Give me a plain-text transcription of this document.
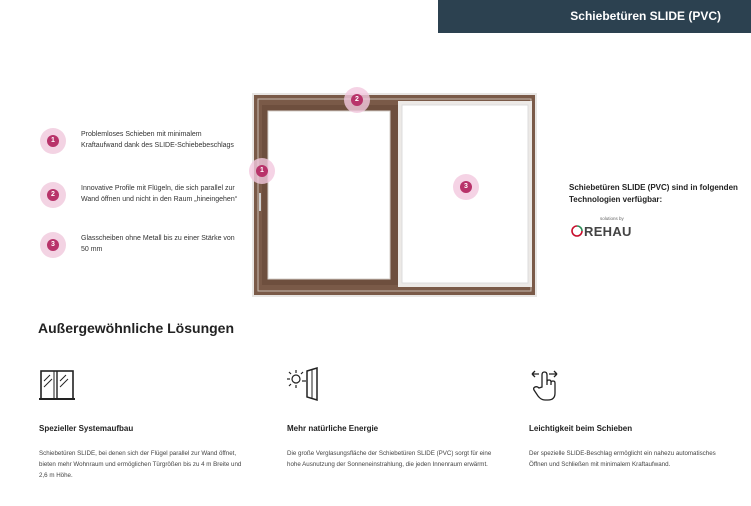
Schiebetüren SLIDE (PVC)
1
Problemloses Schieben mit minimalem Kraftaufwand dank des SLIDE-Schiebebeschlags
2
Innovative Profile mit Flügeln, die sich parallel zur Wand öffnen und nicht in den Raum „hineingehen“
3
Glasscheiben ohne Metall bis zu einer Stärke von 50 mm
2
1
3	Schiebetüren SLIDE (PVC) sind in folgenden Technologien verfügbar:
solutions by
REHAU
Außergewöhnliche Lösungen
Spezieller Systemaufbau
Schiebetüren SLIDE, bei denen sich der Flügel parallel zur Wand öffnet, bieten mehr Wohnraum und ermöglichen Türgrößen bis zu 4 m Breite und 2,6 m Höhe.
Mehr natürliche Energie
Die große Verglasungsfläche der Schiebetüren SLIDE (PVC) sorgt für eine hohe Ausnutzung der Sonneneinstrahlung, die jeden Innenraum erwärmt.
Leichtigkeit beim Schieben
Der spezielle SLIDE-Beschlag ermöglicht ein nahezu automatisches Öffnen und Schließen mit minimalem Kraftaufwand.
